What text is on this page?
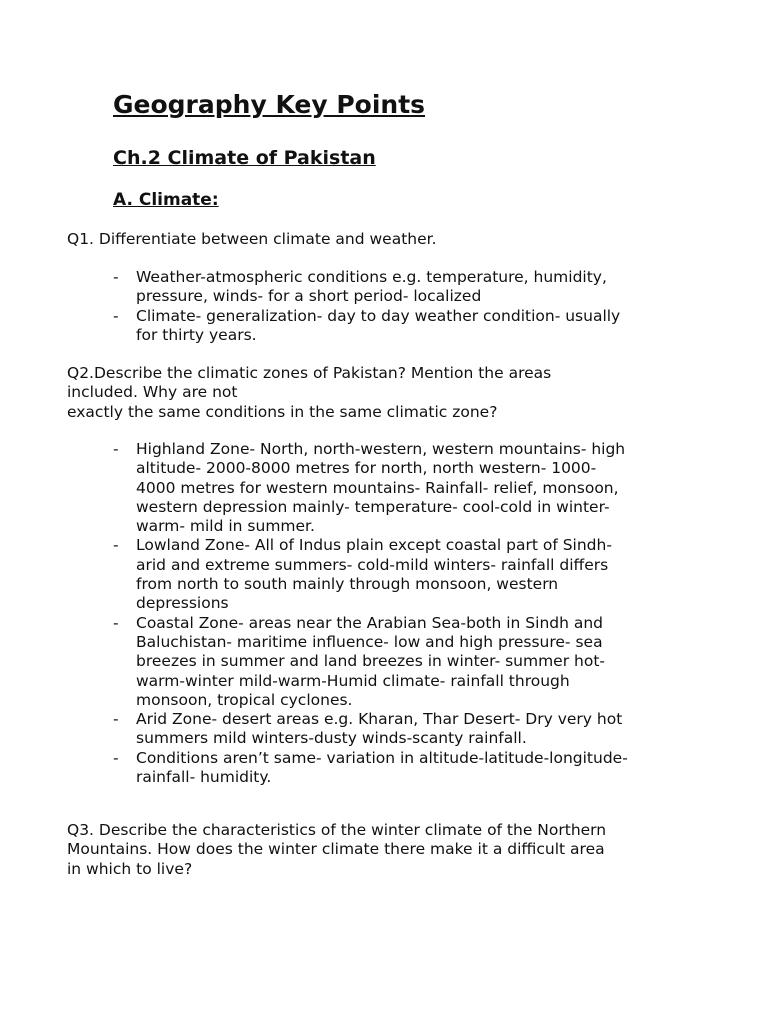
Geography Key Points
Ch.2 Climate of Pakistan
A. Climate:

Q1. Differentiate between climate and weather.

- Weather-atmospheric conditions e.g. temperature, humidity,
pressure, winds- for a short period- localized
- Climate- generalization- day to day weather condition- usually
for thirty years.

Q2.Describe the climatic zones of Pakistan? Mention the areas
included. Why are not
exactly the same conditions in the same climatic zone?

- Highland Zone- North, north-western, western mountains- high
altitude- 2000-8000 metres for north, north western- 1000-
4000 metres for western mountains- Rainfall- relief, monsoon,
western depression mainly- temperature- cool-cold in winter-
warm- mild in summer.
- Lowland Zone- All of Indus plain except coastal part of Sindh-
arid and extreme summers- cold-mild winters- rainfall differs
from north to south mainly through monsoon, western
depressions
- Coastal Zone- areas near the Arabian Sea-both in Sindh and
Baluchistan- maritime influence- low and high pressure- sea
breezes in summer and land breezes in winter- summer hot-
warm-winter mild-warm-Humid climate- rainfall through
monsoon, tropical cyclones.
- Arid Zone- desert areas e.g. Kharan, Thar Desert- Dry very hot
summers mild winters-dusty winds-scanty rainfall.
- Conditions aren’t same- variation in altitude-latitude-longitude-
rainfall- humidity.

Q3. Describe the characteristics of the winter climate of the Northern
Mountains. How does the winter climate there make it a difficult area
in which to live?
